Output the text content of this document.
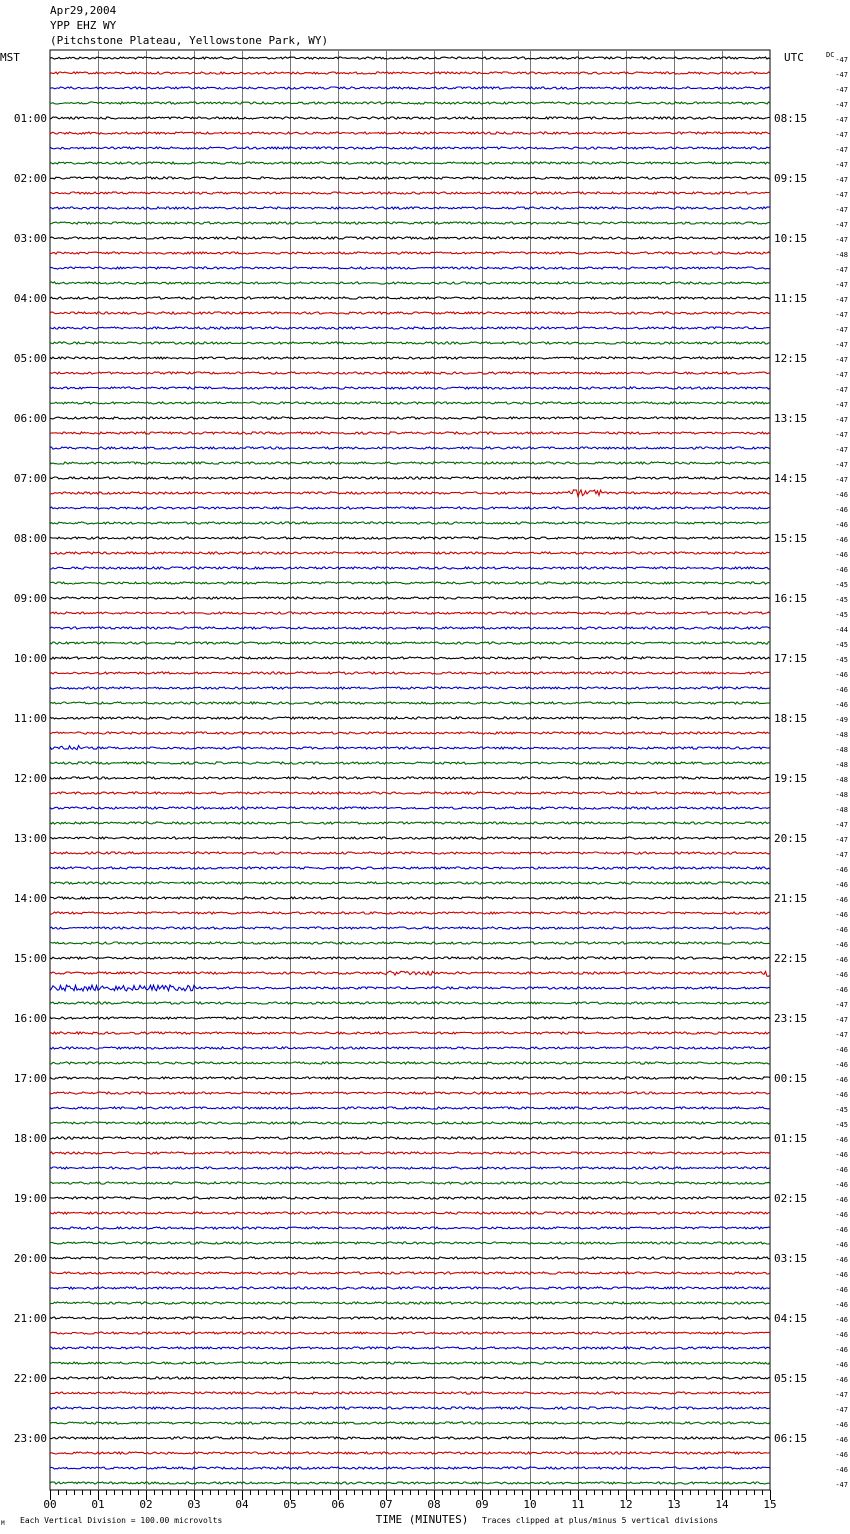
Apr29,2004
YPP EHZ WY
(Pitchstone Plateau, Yellowstone Park, WY)
-47
-47
-47
-47
-47
-47
-47
-47
-47
-47
-47
-47
-47
-48
-47
-47
-47
-47
-47
-47
-47
-47
-47
-47
-47
-47
-47
-47
-47
-46
-46
-46
-46
-46
-46
-45
-45
-45
-44
-45
-45
-46
-46
-46
-49
-48
-48
-48
-48
-48
-48
-47
-47
-47
-46
-46
-46
-46
-46
-46
-46
-46
-46
-47
-47
-47
-46
-46
-46
-46
-45
-45
-46
-46
-46
-46
-46
-46
-46
-46
-46
-46
-46
-46
-46
-46
-46
-46
-46
-47
-47
-46
-46
-46
-46
-47
DC
MST	UTC
01:00
02:00
03:00
04:00
05:00
06:00
07:00
08:00
09:00
10:00
11:00
12:00
13:00
14:00
15:00
16:00
17:00
18:00
19:00
20:00
21:00
22:00
23:00
08:15
09:15
10:15
11:15
12:15
13:15
14:15
15:15
16:15
17:15
18:15
19:15
20:15
21:15
22:15
23:15
00:15
01:15
02:15
03:15
04:15
05:15
06:15
00	01	02	03	04	05	06	07	08	09	10	11	12	13	14	15
TIME (MINUTES)
M Each Vertical Division = 100.00 microvolts	Traces clipped at plus/minus 5 vertical divisions
